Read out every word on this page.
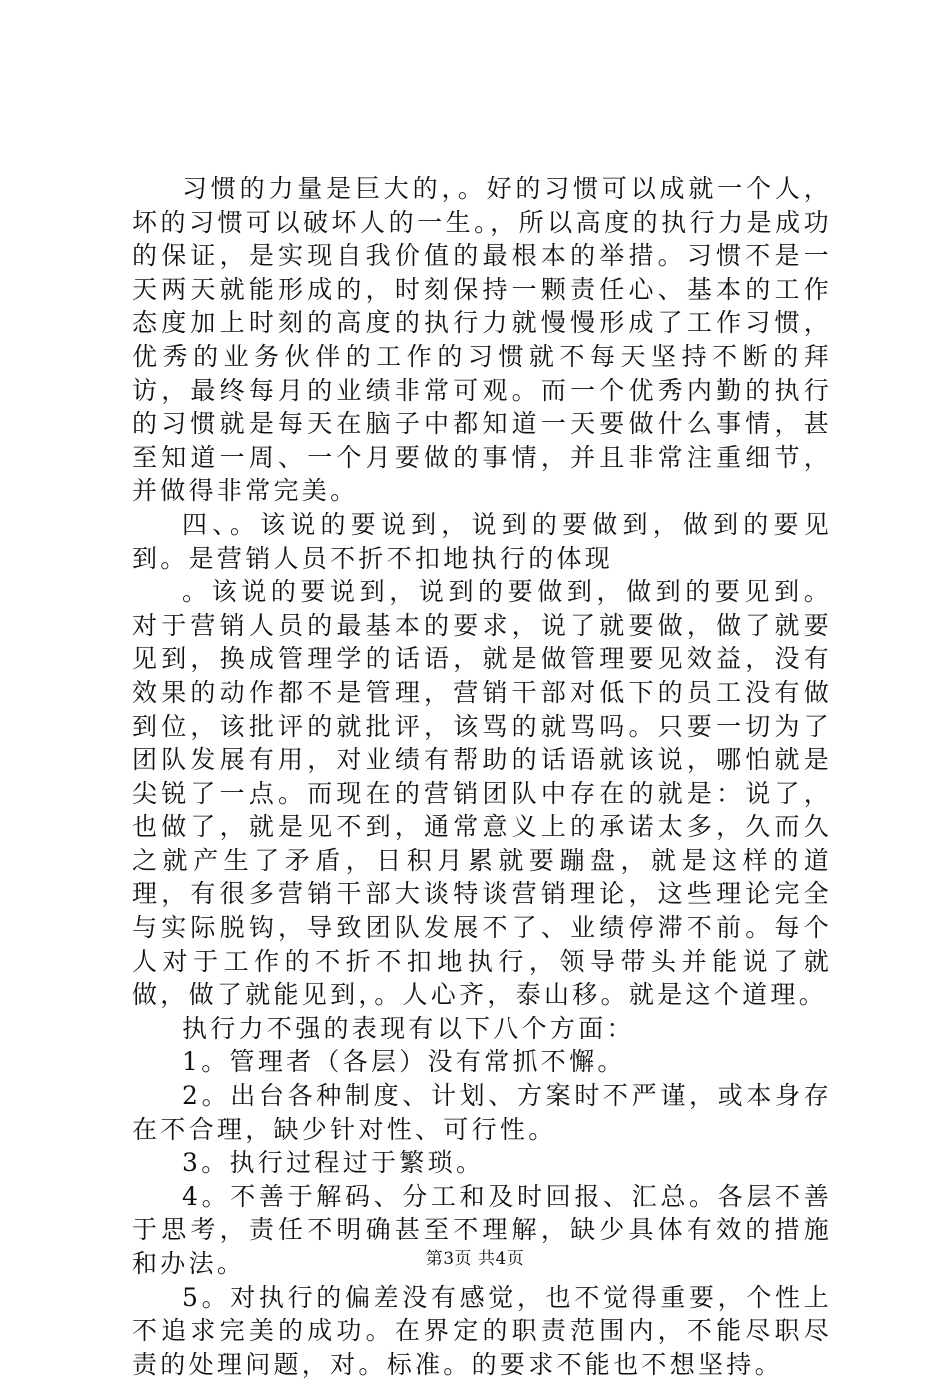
习惯的力量是巨大的，。好的习惯可以成就一个人，坏的习惯可以破坏人的一生。，所以高度的执行力是成功的保证，是实现自我价值的最根本的举措。习惯不是一天两天就能形成的，时刻保持一颗责任心、基本的工作态度加上时刻的高度的执行力就慢慢形成了工作习惯，优秀的业务伙伴的工作的习惯就不每天坚持不断的拜访，最终每月的业绩非常可观。而一个优秀内勤的执行的习惯就是每天在脑子中都知道一天要做什么事情，甚至知道一周、一个月要做的事情，并且非常注重细节，并做得非常完美。

四、。该说的要说到，说到的要做到，做到的要见到。是营销人员不折不扣地执行的体现

。该说的要说到，说到的要做到，做到的要见到。对于营销人员的最基本的要求，说了就要做，做了就要见到，换成管理学的话语，就是做管理要见效益，没有效果的动作都不是管理，营销干部对低下的员工没有做到位，该批评的就批评，该骂的就骂吗。只要一切为了团队发展有用，对业绩有帮助的话语就该说，哪怕就是尖锐了一点。而现在的营销团队中存在的就是：说了，也做了，就是见不到，通常意义上的承诺太多，久而久之就产生了矛盾，日积月累就要蹦盘，就是这样的道理，有很多营销干部大谈特谈营销理论，这些理论完全与实际脱钩，导致团队发展不了、业绩停滞不前。每个人对于工作的不折不扣地执行，领导带头并能说了就做，做了就能见到，。人心齐，泰山移。就是这个道理。

执行力不强的表现有以下八个方面：

1。管理者（各层）没有常抓不懈。

2。出台各种制度、计划、方案时不严谨，或本身存在不合理，缺少针对性、可行性。

3。执行过程过于繁琐。

4。不善于解码、分工和及时回报、汇总。各层不善于思考，责任不明确甚至不理解，缺少具体有效的措施和办法。

5。对执行的偏差没有感觉，也不觉得重要，个性上不追求完美的成功。在界定的职责范围内，不能尽职尽责的处理问题，对。标准。的要求不能也不想坚持。

第3页 共4页
